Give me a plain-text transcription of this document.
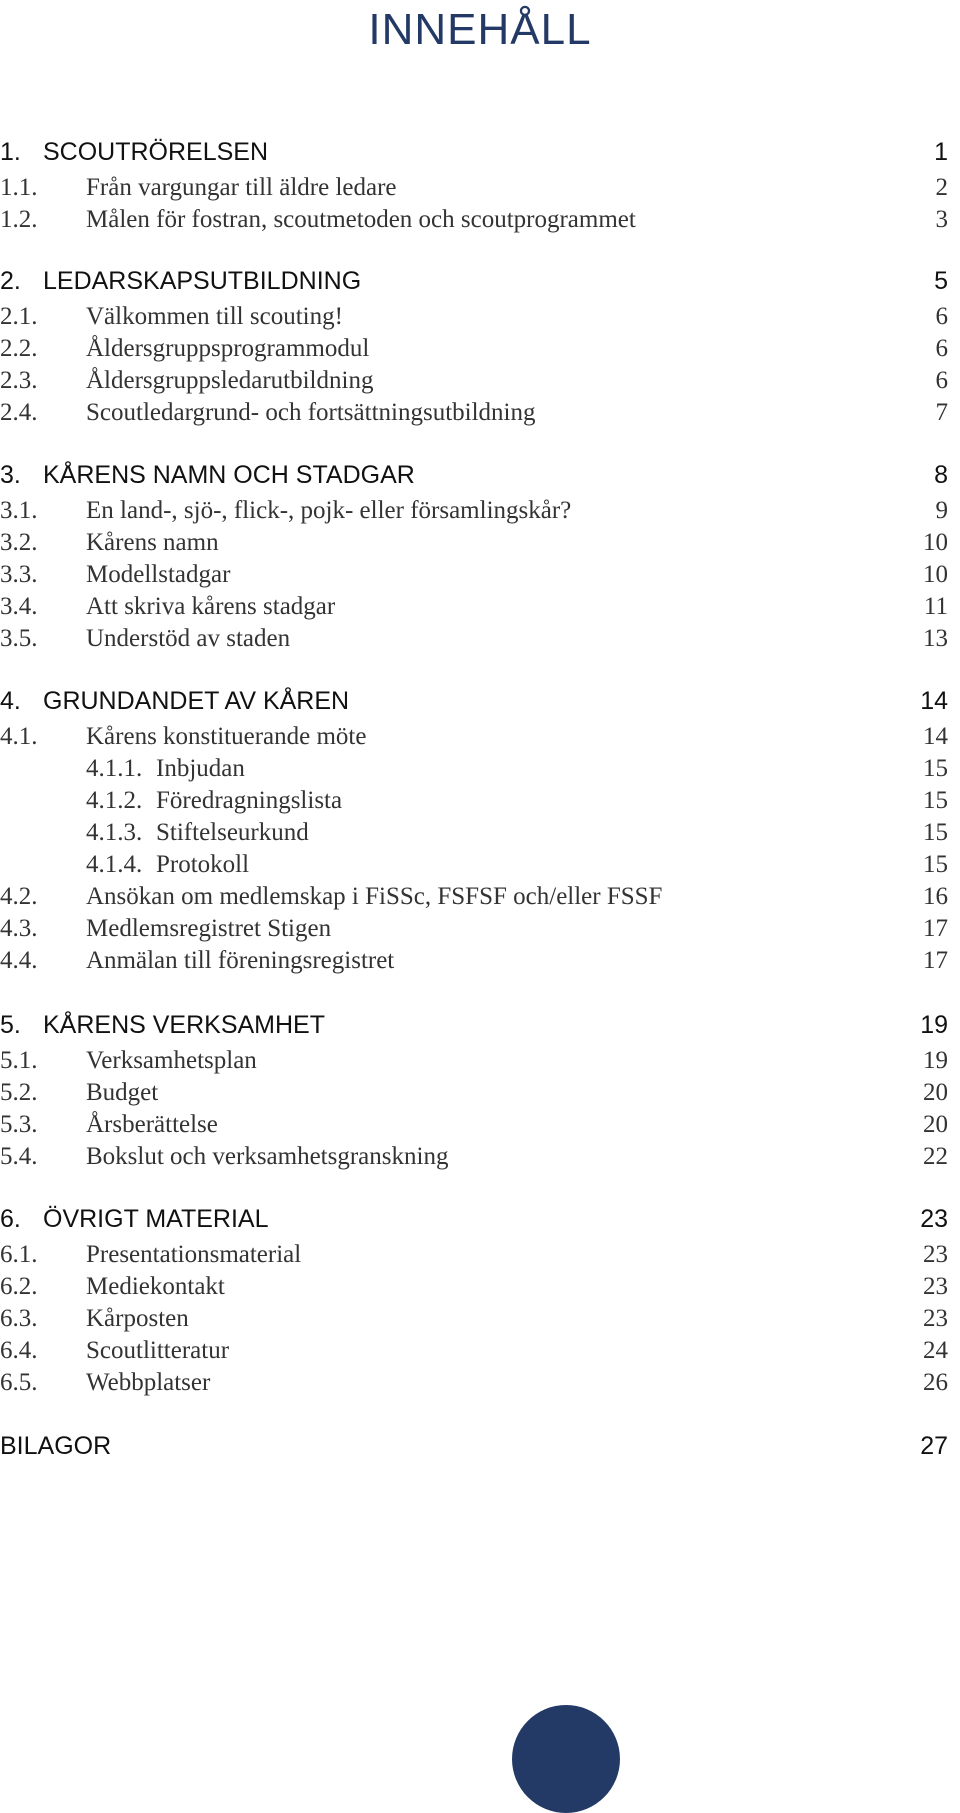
INNEHÅLL
1. SCOUTRÖRELSEN	1
1.1. Från vargungar till äldre ledare	2
1.2. Målen för fostran, scoutmetoden och scoutprogrammet	3
2. LEDARSKAPSUTBILDNING	5
2.1. Välkommen till scouting!	6
2.2. Åldersgruppsprogrammodul	6
2.3. Åldersgruppsledarutbildning	6
2.4. Scoutledargrund- och fortsättningsutbildning	7
3. KÅRENS NAMN OCH STADGAR	8
3.1. En land-, sjö-, flick-, pojk- eller församlingskår?	9
3.2. Kårens namn	10
3.3. Modellstadgar	10
3.4. Att skriva kårens stadgar	11
3.5. Understöd av staden	13
4. GRUNDANDET AV KÅREN	14
4.1. Kårens konstituerande möte	14
4.1.1. Inbjudan	15
4.1.2. Föredragningslista	15
4.1.3. Stiftelseurkund	15
4.1.4. Protokoll	15
4.2. Ansökan om medlemskap i FiSSc, FSFSF och/eller FSSF	16
4.3. Medlemsregistret Stigen	17
4.4. Anmälan till föreningsregistret	17
5. KÅRENS VERKSAMHET	19
5.1. Verksamhetsplan	19
5.2. Budget	20
5.3. Årsberättelse	20
5.4. Bokslut och verksamhetsgranskning	22
6. ÖVRIGT MATERIAL	23
6.1. Presentationsmaterial	23
6.2. Mediekontakt	23
6.3. Kårposten	23
6.4. Scoutlitteratur	24
6.5. Webbplatser	26
BILAGOR	27
